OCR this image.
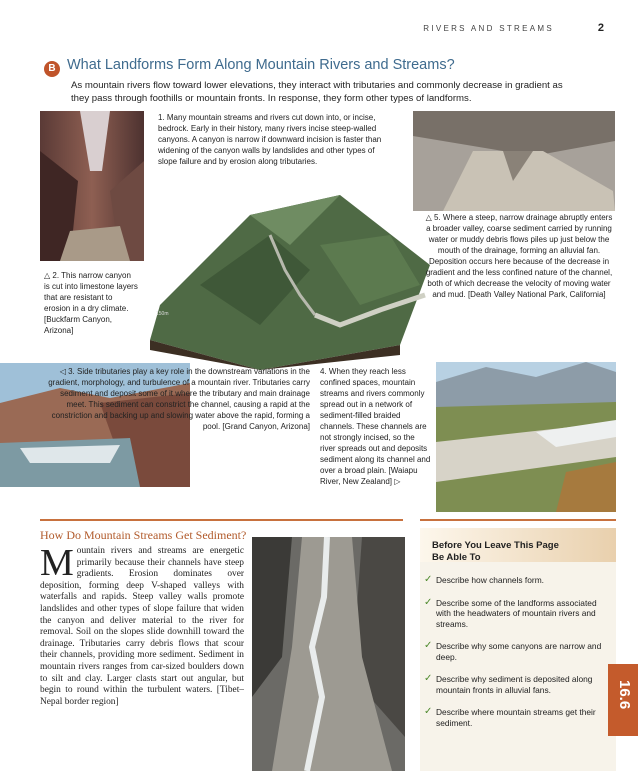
RIVERS AND STREAMS	2
B What Landforms Form Along Mountain Rivers and Streams?
As mountain rivers flow toward lower elevations, they interact with tributaries and commonly decrease in gradient as they pass through foothills or mountain fronts. In response, they form other types of landforms.
150m
1. Many mountain streams and rivers cut down into, or incise, bedrock. Early in their history, many rivers incise steep-walled canyons. A canyon is narrow if downward incision is faster than widening of the canyon walls by landslides and other types of slope failure and by erosion along tributaries.
△ 2. This narrow canyon is cut into limestone layers that are resistant to erosion in a dry climate. [Buckfarm Canyon, Arizona]
△ 5. Where a steep, narrow drainage abruptly enters a broader valley, coarse sediment carried by running water or muddy debris flows piles up just below the mouth of the drainage, forming an alluvial fan. Deposition occurs here because of the decrease in gradient and the less confined nature of the channel, both of which decrease the velocity of moving water and mud. [Death Valley National Park, California]
◁ 3. Side tributaries play a key role in the downstream variations in the gradient, morphology, and turbulence of a mountain river. Tributaries carry sediment and deposit some of it where the tributary and main drainage meet. This sediment can constrict the channel, causing a rapid at the constriction and backing up and slowing water above the rapid, forming a pool. [Grand Canyon, Arizona]
4. When they reach less confined spaces, mountain streams and rivers commonly spread out in a network of sediment-filled braided channels. These channels are not strongly incised, so the river spreads out and deposits sediment along its channel and over a broad plain. [Waiapu River, New Zealand] ▷
How Do Mountain Streams Get Sediment?
Mountain rivers and streams are energetic primarily because their channels have steep gradients. Erosion dominates over deposition, forming deep V-shaped valleys with waterfalls and rapids. Steep valley walls promote landslides and other types of slope failure that widen the canyon and deliver material to the river for removal. Soil on the slopes slide downhill toward the drainage. Tributaries carry debris flows that scour their channels, providing more sediment. Sediment in mountain rivers ranges from car-sized boulders down to silt and clay. Larger clasts start out angular, but begin to round within the turbulent waters. [Tibet–Nepal border region]
Before You Leave This Page
Be Able To
✓ Describe how channels form.
✓ Describe some of the landforms associated with the headwaters of mountain rivers and streams.
✓ Describe why some canyons are narrow and deep.
✓ Describe why sediment is deposited along mountain fronts in alluvial fans.
✓ Describe where mountain streams get their sediment.
16.6
